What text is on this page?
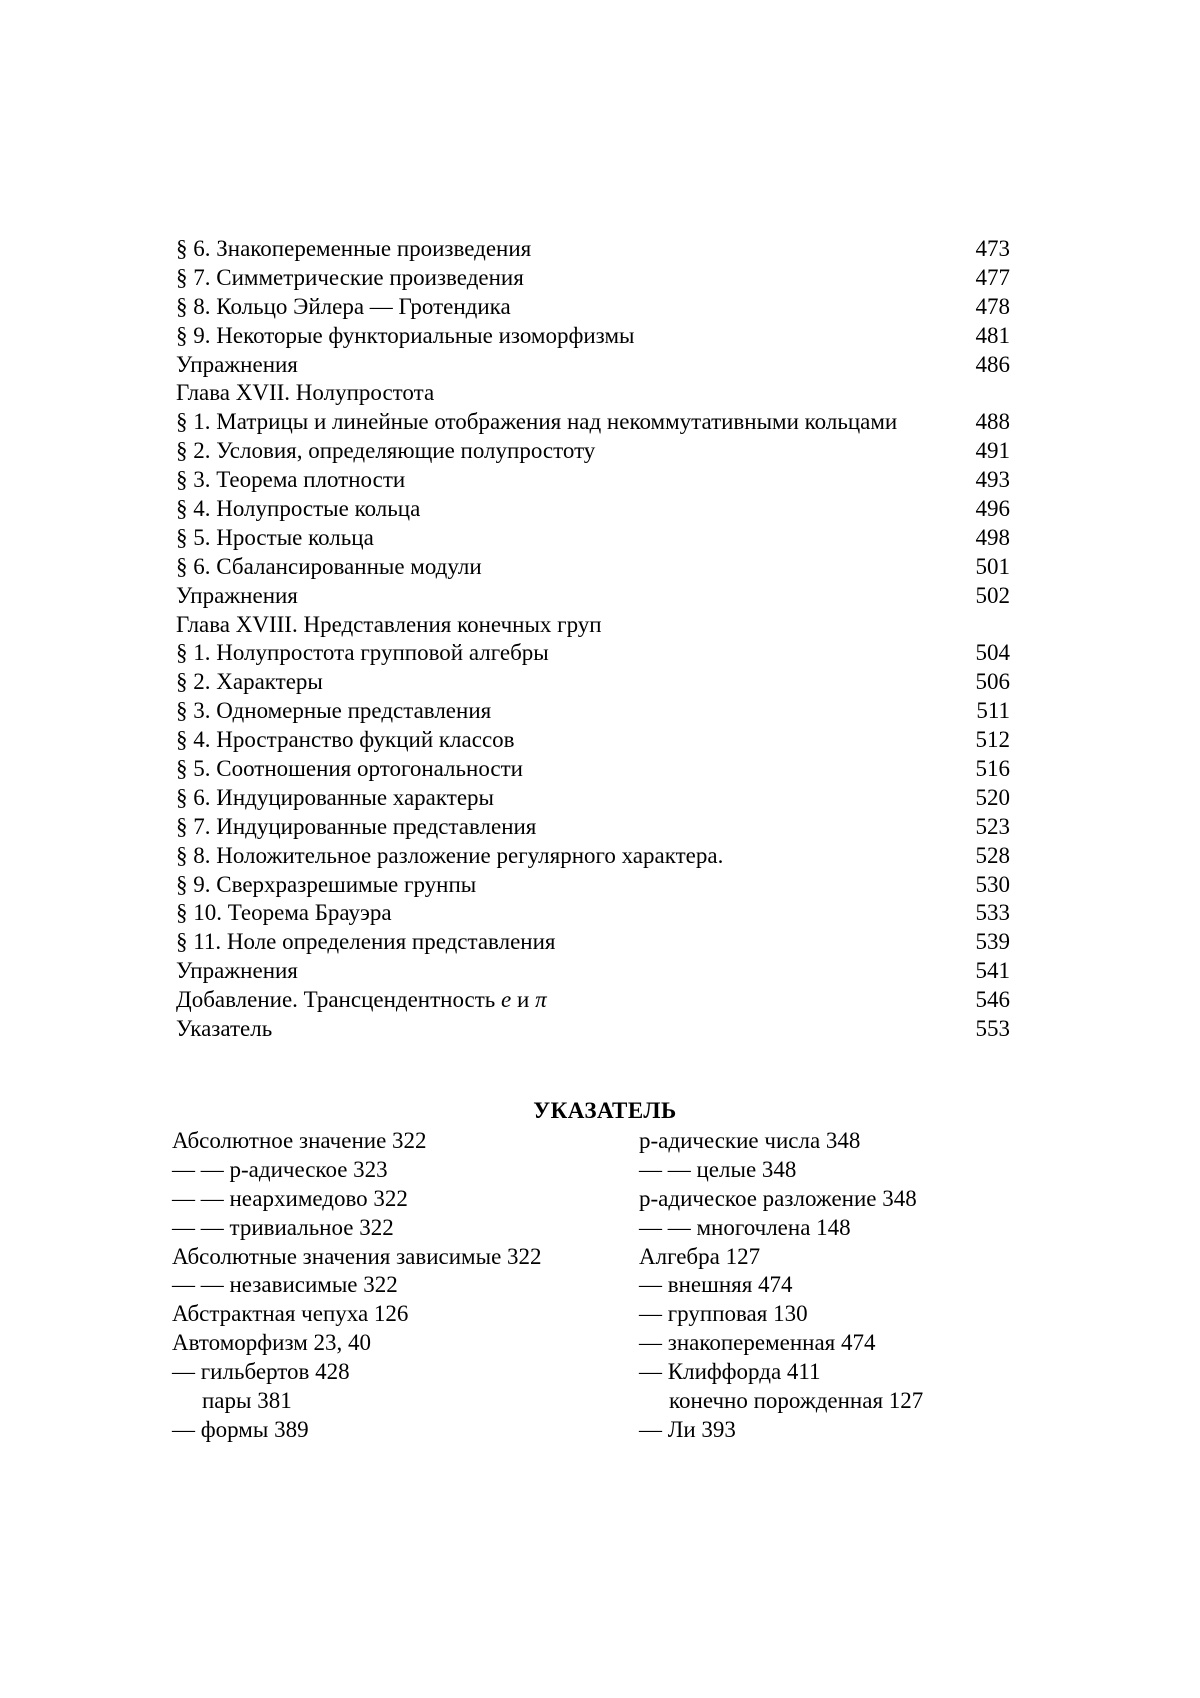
§ 6. Знакопеременные произведения	473
§ 7. Симметрические произведения	477
§ 8. Кольцо Эйлера — Гротендика	478
§ 9. Некоторые функториальные изоморфизмы	481
Упражнения	486
Глава XVII. Нолупростота
§ 1. Матрицы и линейные отображения над некоммутативными кольцами	488
§ 2. Условия, определяющие полупростоту	491
§ 3. Теорема плотности	493
§ 4. Нолупростые кольца	496
§ 5. Нростые кольца	498
§ 6. Сбалансированные модули	501
Упражнения	502
Глава XVIII. Нредставления конечных груп
§ 1. Нолупростота групповой алгебры	504
§ 2. Характеры	506
§ 3. Одномерные представления	511
§ 4. Нространство фукций классов	512
§ 5. Соотношения ортогональности	516
§ 6. Индуцированные характеры	520
§ 7. Индуцированные представления	523
§ 8. Ноложительное разложение регулярного характера.	528
§ 9. Сверхразрешимые грунпы	530
§ 10. Теорема Брауэра	533
§ 11. Ноле определения представления	539
Упражнения	541
Добавление. Трансцендентность e и π	546
Указатель	553
УКАЗАТЕЛЬ
Абсолютное значение 322
— — р-адическое 323
— — неархимедово 322
— — тривиальное 322
Абсолютные значения зависимые 322
— — независимые 322
Абстрактная чепуха 126
Автоморфизм 23, 40
— гильбертов 428
пары 381
— формы 389
р-адические числа 348
— — целые 348
р-адическое разложение 348
— — многочлена 148
Алгебра 127
— внешняя 474
— групповая 130
— знакопеременная 474
— Клиффорда 411
конечно порожденная 127
— Ли 393
